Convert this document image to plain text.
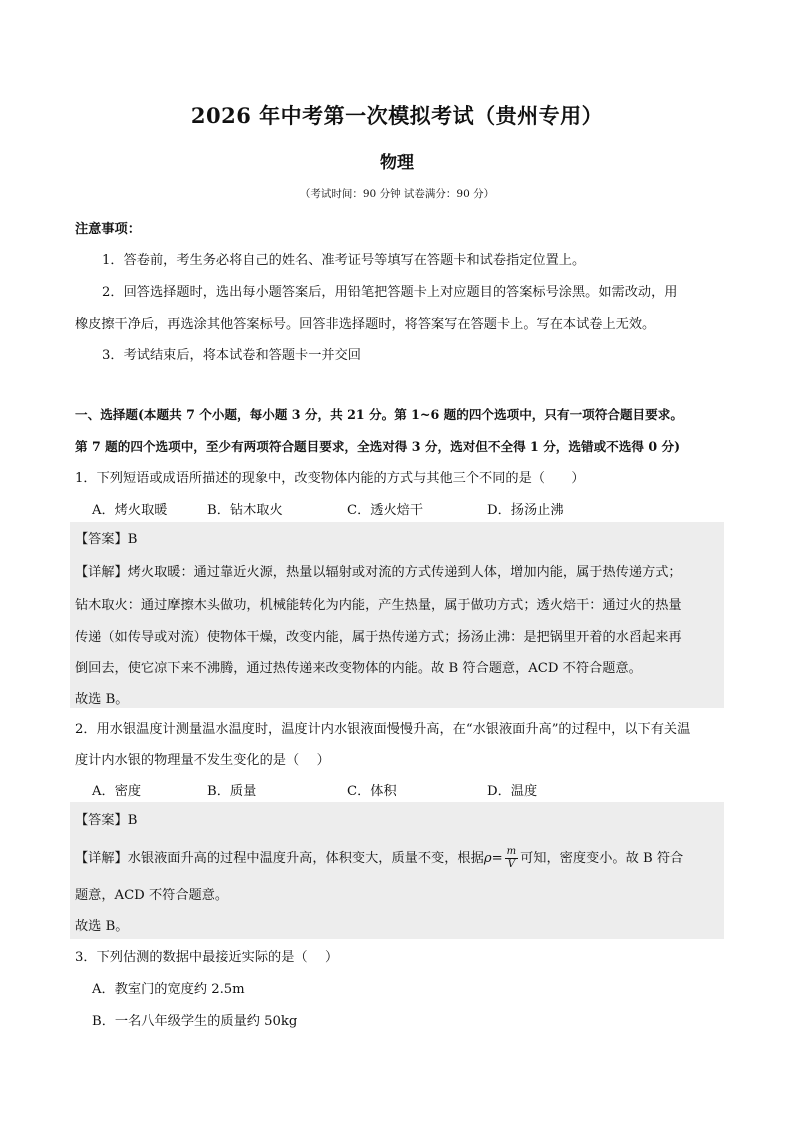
2026 年中考第一次模拟考试（贵州专用）
物理
（考试时间：90 分钟 试卷满分：90 分）
注意事项：
1．答卷前，考生务必将自己的姓名、准考证号等填写在答题卡和试卷指定位置上。
2．回答选择题时，选出每小题答案后，用铅笔把答题卡上对应题目的答案标号涂黑。如需改动，用
橡皮擦干净后，再选涂其他答案标号。回答非选择题时，将答案写在答题卡上。写在本试卷上无效。
3．考试结束后，将本试卷和答题卡一并交回
一、选择题(本题共 7 个小题，每小题 3 分，共 21 分。第 1~6 题的四个选项中，只有一项符合题目要求。
第 7 题的四个选项中，至少有两项符合题目要求，全选对得 3 分，选对但不全得 1 分，选错或不选得 0 分)
1．下列短语或成语所描述的现象中，改变物体内能的方式与其他三个不同的是（　　）
A．烤火取暖	B．钻木取火	C．透火焙干	D．扬汤止沸
【答案】B
【详解】烤火取暖：通过靠近火源，热量以辐射或对流的方式传递到人体，增加内能，属于热传递方式；
钻木取火：通过摩擦木头做功，机械能转化为内能，产生热量，属于做功方式；透火焙干：通过火的热量
传递（如传导或对流）使物体干燥，改变内能，属于热传递方式；扬汤止沸：是把锅里开着的水舀起来再
倒回去，使它凉下来不沸腾，通过热传递来改变物体的内能。故 B 符合题意，ACD 不符合题意。
故选 B。
2．用水银温度计测量温水温度时，温度计内水银液面慢慢升高，在“水银液面升高”的过程中，以下有关温
度计内水银的物理量不发生变化的是（　 ）
A．密度	B．质量	C．体积	D．温度
【答案】B
【详解】水银液面升高的过程中温度升高，体积变大，质量不变，根据$\rho= \frac{m}{V}$ 可知，密度变小。故 B 符合
题意，ACD 不符合题意。
故选 B。
3．下列估测的数据中最接近实际的是（　 ）
A．教室门的宽度约 2.5m
B．一名八年级学生的质量约 50kg
